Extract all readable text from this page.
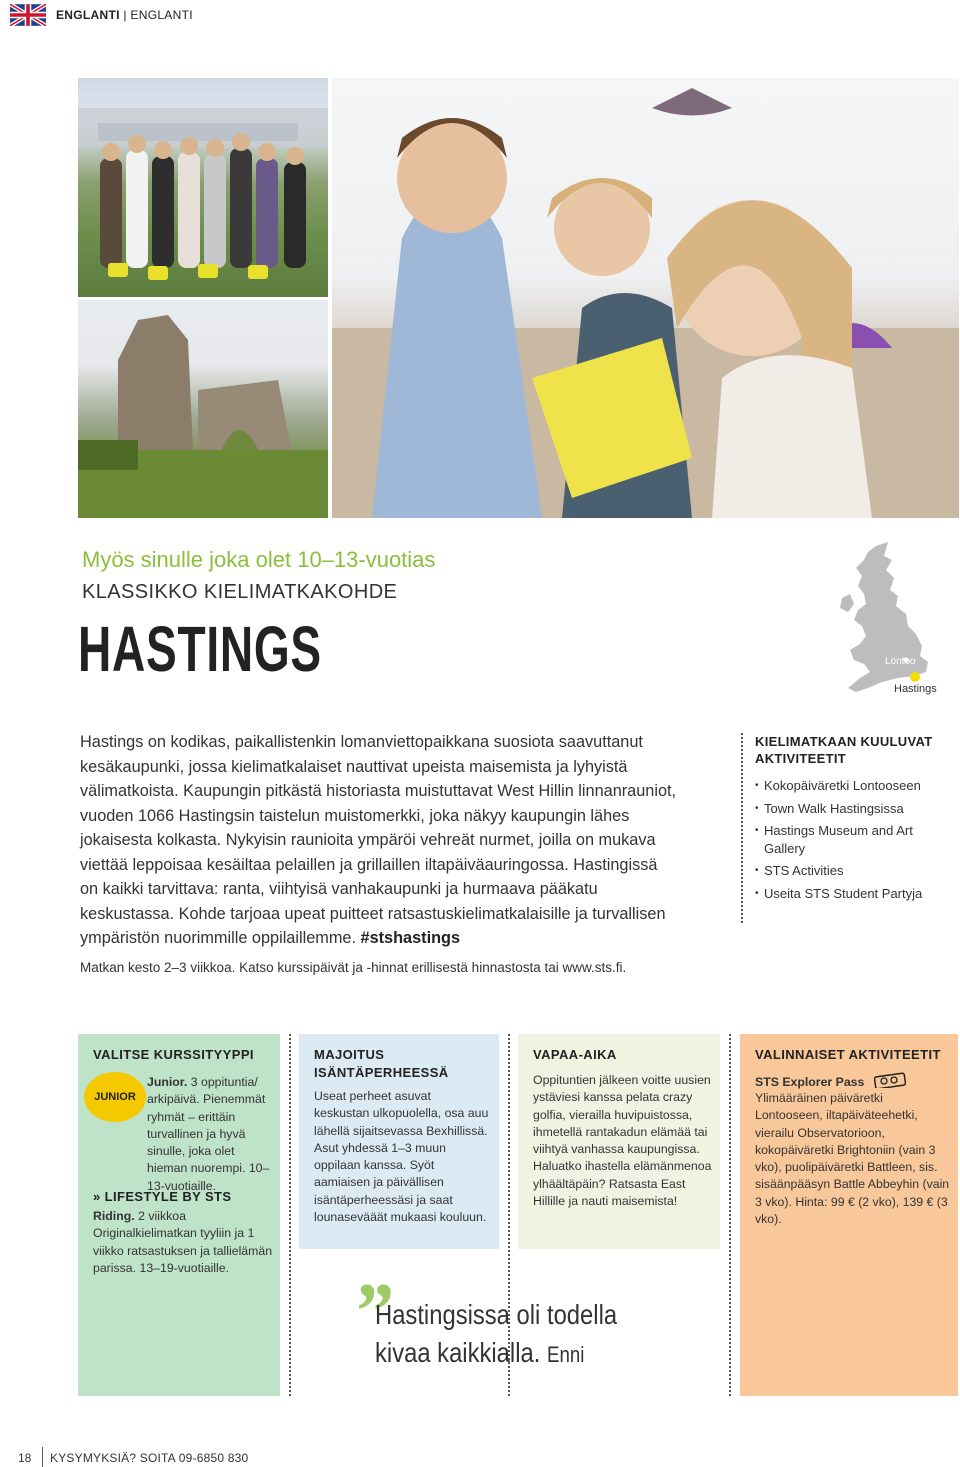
ENGLANTI | ENGLANTI
Myös sinulle joka olet 10–13-vuotias
KLASSIKKO KIELIMATKAKOHDE
HASTINGS	Lontoo
Hastings
Hastings on kodikas, paikallistenkin lomanviettopaikkana suosiota saavuttanut kesäkaupunki, jossa kielimatkalaiset nauttivat upeista maisemista ja lyhyistä välimatkoista. Kaupungin pitkästä historiasta muistuttavat West Hillin linnanrauniot, vuoden 1066 Hastingsin taistelun muistomerkki, joka näkyy kaupungin lähes jokaisesta kolkasta. Nykyisin raunioita ympäröi vehreät nurmet, joilla on mukava viettää leppoisaa kesäiltaa pelaillen ja grillaillen iltapäiväauringossa. Hastingissä on kaikki tarvittava: ranta, viihtyisä vanhakaupunki ja hurmaava pääkatu keskustassa. Kohde tarjoaa upeat puitteet ratsastuskielimatkalaisille ja turvallisen ympäristön nuorimmille oppilaillemme. #stshastings
Matkan kesto 2–3 viikkoa. Katso kurssipäivät ja -hinnat erillisestä hinnastosta tai www.sts.fi.
KIELIMATKAAN KUULUVAT AKTIVITEETIT
• Kokopäiväretki Lontooseen
• Town Walk Hastingsissa
• Hastings Museum and Art Gallery
• STS Activities
• Useita STS Student Partyja
VALITSE KURSSITYYPPI
JUNIOR
Junior. 3 oppituntia/ arkipäivä. Pienemmät ryhmät – erittäin turvallinen ja hyvä sinulle, joka olet hieman nuorempi. 10–13-vuotiaille.
» LIFESTYLE BY STS
Riding. 2 viikkoa Originalkielimatkan tyyliin ja 1 viikko ratsastuksen ja tallielämän parissa. 13–19-vuotiaille.
MAJOITUS ISÄNTÄPERHEESSÄ
Useat perheet asuvat keskustan ulkopuolella, osa auu lähellä sijaitsevassa Bexhillissä. Asut yhdessä 1–3 muun oppilaan kanssa. Syöt aamiaisen ja päivällisen isäntäperheessäsi ja saat lounasevääät mukaasi kouluun.
VAPAA-AIKA
Oppituntien jälkeen voitte uusien ystäviesi kanssa pelata crazy golfia, vierailla huvipuistossa, ihmetellä rantakadun elämää tai viihtyä vanhassa kaupungissa. Haluatko ihastella elämänmenoa ylhäältäpäin? Ratsasta East Hillille ja nauti maisemista!
VALINNAISET AKTIVITEETIT
STS Explorer Pass
Ylimääräinen päiväretki Lontooseen, iltapäiväteehetki, vierailu Observatorioon, kokopäiväretki Brightoniin (vain 3 vko), puolipäiväretki Battleen, sis. sisäänpääsyn Battle Abbeyhin (vain 3 vko). Hinta: 99 € (2 vko), 139 € (3 vko).
”
Hastingsissa oli todella kivaa kaikkialla. Enni
18 KYSYMYKSIÄ? SOITA 09-6850 830
